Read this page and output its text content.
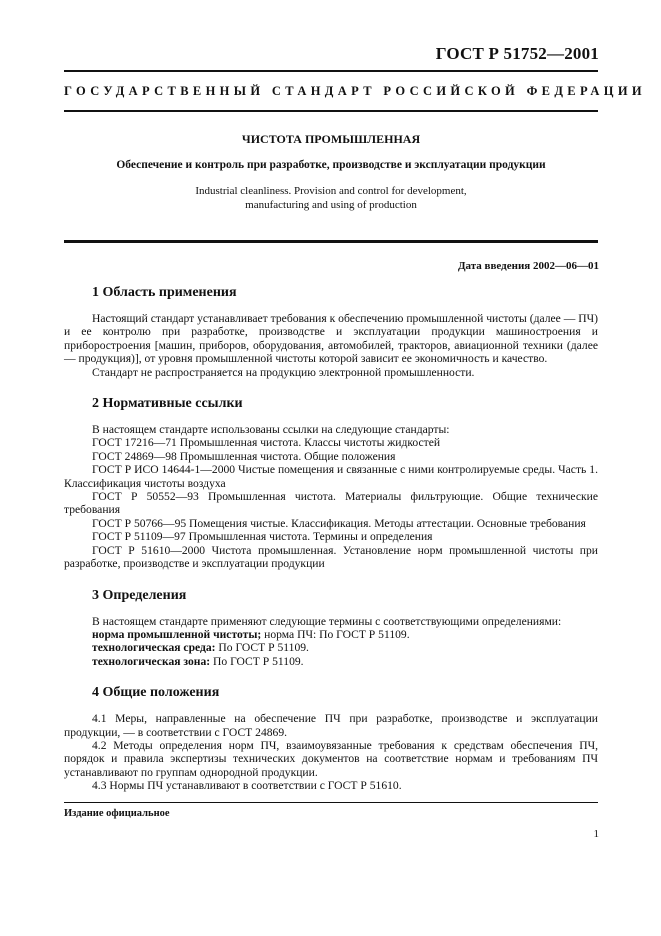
ГОСТ Р 51752—2001
ГОСУДАРСТВЕННЫЙ СТАНДАРТ РОССИЙСКОЙ ФЕДЕРАЦИИ
ЧИСТОТА ПРОМЫШЛЕННАЯ
Обеспечение и контроль при разработке, производстве и эксплуатации продукции
Industrial cleanliness. Provision and control for development,
manufacturing and using of production
Дата введения 2002—06—01
1 Область применения

Настоящий стандарт устанавливает требования к обеспечению промышленной чистоты (далее — ПЧ) и ее контролю при разработке, производстве и эксплуатации продукции машиностроения и приборостроения [машин, приборов, оборудования, автомобилей, тракторов, авиационной техники (далее — продукция)], от уровня промышленной чистоты которой зависит ее экономичность и качество.

Стандарт не распространяется на продукцию электронной промышленности.

2 Нормативные ссылки

В настоящем стандарте использованы ссылки на следующие стандарты:

ГОСТ 17216—71 Промышленная чистота. Классы чистоты жидкостей

ГОСТ 24869—98 Промышленная чистота. Общие положения

ГОСТ Р ИСО 14644-1—2000 Чистые помещения и связанные с ними контролируемые среды. Часть 1. Классификация чистоты воздуха

ГОСТ Р 50552—93 Промышленная чистота. Материалы фильтрующие. Общие технические требования

ГОСТ Р 50766—95 Помещения чистые. Классификация. Методы аттестации. Основные требования

ГОСТ Р 51109—97 Промышленная чистота. Термины и определения

ГОСТ Р 51610—2000 Чистота промышленная. Установление норм промышленной чистоты при разработке, производстве и эксплуатации продукции

3 Определения

В настоящем стандарте применяют следующие термины с соответствующими определениями:

норма промышленной чистоты; норма ПЧ: По ГОСТ Р 51109.

технологическая среда: По ГОСТ Р 51109.

технологическая зона: По ГОСТ Р 51109.

4 Общие положения

4.1 Меры, направленные на обеспечение ПЧ при разработке, производстве и эксплуатации продукции, — в соответствии с ГОСТ 24869.

4.2 Методы определения норм ПЧ, взаимоувязанные требования к средствам обеспечения ПЧ, порядок и правила экспертизы технических документов на соответствие нормам и требованиям ПЧ устанавливают по группам однородной продукции.

4.3 Нормы ПЧ устанавливают в соответствии с ГОСТ Р 51610.

Издание официальное
1
